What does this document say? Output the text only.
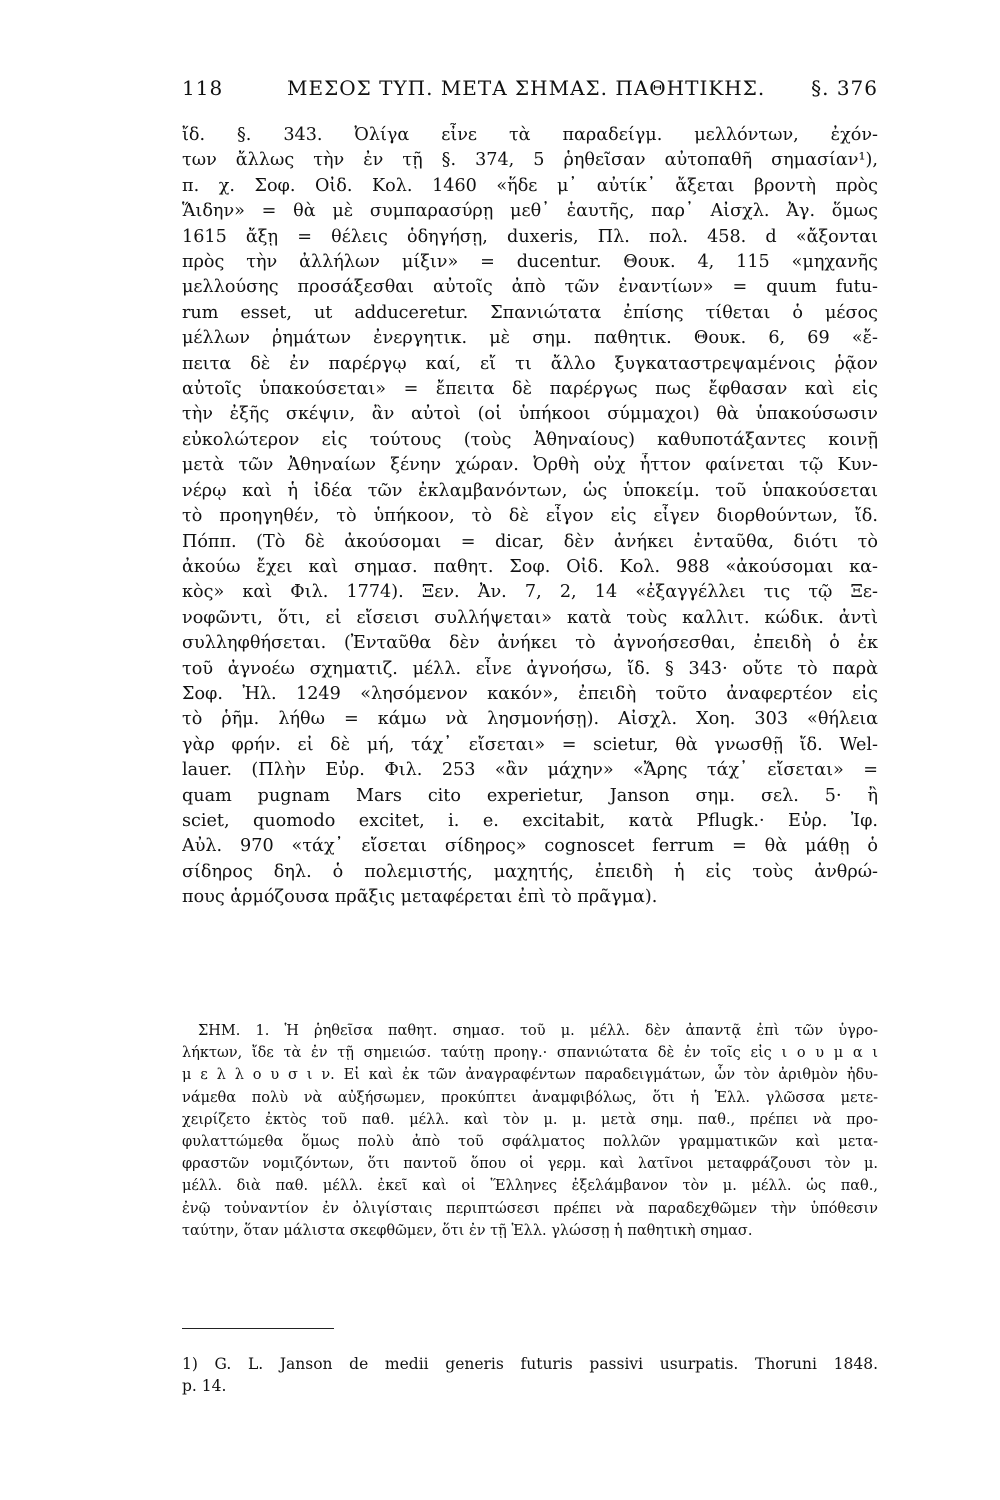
118	ΜΕΣΟΣ ΤΥΠ. ΜΕΤΑ ΣΗΜΑΣ. ΠΑΘΗΤΙΚΗΣ. §. 376
ἴδ. §. 343. Ὀλίγα εἶνε τὰ παραδείγμ. μελλόντων, ἐχόν-
των ἄλλως τὴν ἐν τῇ §. 374, 5 ῥηθεῖσαν αὐτοπαθῆ σημασίαν¹),
π. χ. Σοφ. Οἰδ. Κολ. 1460 «ἥδε μ᾽ αὐτίκ᾽ ἄξεται βροντὴ πρὸς
Ἅιδην» = θὰ μὲ συμπαρασύρῃ μεθ᾽ ἑαυτῆς, παρ᾽ Αἰσχλ. Ἀγ. ὅμως
1615 ἄξῃ = θέλεις ὁδηγήσῃ, duxeris, Πλ. πολ. 458. d «ἄξονται
πρὸς τὴν ἀλλήλων μίξιν» = ducentur. Θουκ. 4, 115 «μηχανῆς
μελλούσης προσάξεσθαι αὐτοῖς ἀπὸ τῶν ἐναντίων» = quum futu-
rum esset, ut adduceretur. Σπανιώτατα ἐπίσης τίθεται ὁ μέσος
μέλλων ῥημάτων ἐνεργητικ. μὲ σημ. παθητικ. Θουκ. 6, 69 «ἔ-
πειτα δὲ ἐν παρέργῳ καί, εἴ τι ἄλλο ξυγκαταστρεψαμένοις ῥᾷον
αὐτοῖς ὑπακούσεται» = ἔπειτα δὲ παρέργως πως ἔφθασαν καὶ εἰς
τὴν ἐξῆς σκέψιν, ἂν αὐτοὶ (οἱ ὑπήκοοι σύμμαχοι) θὰ ὑπακούσωσιν
εὐκολώτερον εἰς τούτους (τοὺς Ἀθηναίους) καθυποτάξαντες κοινῇ
μετὰ τῶν Ἀθηναίων ξένην χώραν. Ὀρθὴ οὐχ ἧττον φαίνεται τῷ Κυν-
νέρῳ καὶ ἡ ἰδέα τῶν ἐκλαμβανόντων, ὡς ὑποκείμ. τοῦ ὑπακούσεται
τὸ προηγηθέν, τὸ ὑπήκοον, τὸ δὲ εἶγον εἰς εἶγεν διορθούντων, ἴδ.
Πόππ. (Τὸ δὲ ἀκούσομαι = dicar, δὲν ἀνήκει ἐνταῦθα, διότι τὸ
ἀκούω ἔχει καὶ σημασ. παθητ. Σοφ. Οἰδ. Κολ. 988 «ἀκούσομαι κα-
κὸς» καὶ Φιλ. 1774). Ξεν. Ἀν. 7, 2, 14 «ἐξαγγέλλει τις τῷ Ξε-
νοφῶντι, ὅτι, εἰ εἴσεισι συλλήψεται» κατὰ τοὺς καλλιτ. κώδικ. ἀντὶ
συλληφθήσεται. (Ἐνταῦθα δὲν ἀνήκει τὸ ἀγνοήσεσθαι, ἐπειδὴ ὁ ἐκ
τοῦ ἀγνοέω σχηματιζ. μέλλ. εἶνε ἀγνοήσω, ἴδ. § 343· οὔτε τὸ παρὰ
Σοφ. Ἠλ. 1249 «λησόμενον κακόν», ἐπειδὴ τοῦτο ἀναφερτέον εἰς
τὸ ῥῆμ. λήθω = κάμω νὰ λησμονήσῃ). Αἰσχλ. Χοη. 303 «θήλεια
γὰρ φρήν. εἰ δὲ μή, τάχ᾽ εἴσεται» = scietur, θὰ γνωσθῇ ἴδ. Wel-
lauer. (Πλὴν Εὐρ. Φιλ. 253 «ἂν μάχην» «Ἄρης τάχ᾽ εἴσεται» =
quam pugnam Mars cito experietur, Janson σημ. σελ. 5· ἢ
sciet, quomodo excitet, i. e. excitabit, κατὰ Pflugk.· Εὐρ. Ἰφ.
Αὐλ. 970 «τάχ᾽ εἴσεται σίδηρος» cognoscet ferrum = θὰ μάθῃ ὁ
σίδηρος δηλ. ὁ πολεμιστής, μαχητής, ἐπειδὴ ἡ εἰς τοὺς ἀνθρώ-
πους ἁρμόζουσα πρᾶξις μεταφέρεται ἐπὶ τὸ πρᾶγμα).
ΣΗΜ. 1. Ἡ ῥηθεῖσα παθητ. σημασ. τοῦ μ. μέλλ. δὲν ἀπαντᾷ ἐπὶ τῶν ὑγρο-
λήκτων, ἴδε τὰ ἐν τῇ σημειώσ. ταύτῃ προηγ.· σπανιώτατα δὲ ἐν τοῖς εἰς ι ο υ μ α ι
μ ε λ λ ο υ σ ι ν. Εἰ καὶ ἐκ τῶν ἀναγραφέντων παραδειγμάτων, ὧν τὸν ἀριθμὸν ἠδυ-
νάμεθα πολὺ νὰ αὐξήσωμεν, προκύπτει ἀναμφιβόλως, ὅτι ἡ Ἑλλ. γλῶσσα μετε-
χειρίζετο ἐκτὸς τοῦ παθ. μέλλ. καὶ τὸν μ. μ. μετὰ σημ. παθ., πρέπει νὰ προ-
φυλαττώμεθα ὅμως πολὺ ἀπὸ τοῦ σφάλματος πολλῶν γραμματικῶν καὶ μετα-
φραστῶν νομιζόντων, ὅτι παντοῦ ὅπου οἱ γερμ. καὶ λατῖνοι μεταφράζουσι τὸν μ.
μέλλ. διὰ παθ. μέλλ. ἐκεῖ καὶ οἱ Ἕλληνες ἐξελάμβανον τὸν μ. μέλλ. ὡς παθ.,
ἐνῷ τοὐναντίον ἐν ὀλιγίσταις περιπτώσεσι πρέπει νὰ παραδεχθῶμεν τὴν ὑπόθεσιν
ταύτην, ὅταν μάλιστα σκεφθῶμεν, ὅτι ἐν τῇ Ἑλλ. γλώσσῃ ἡ παθητικὴ σημασ.
1) G. L. Janson de medii generis futuris passivi usurpatis. Thoruni 1848.
p. 14.
